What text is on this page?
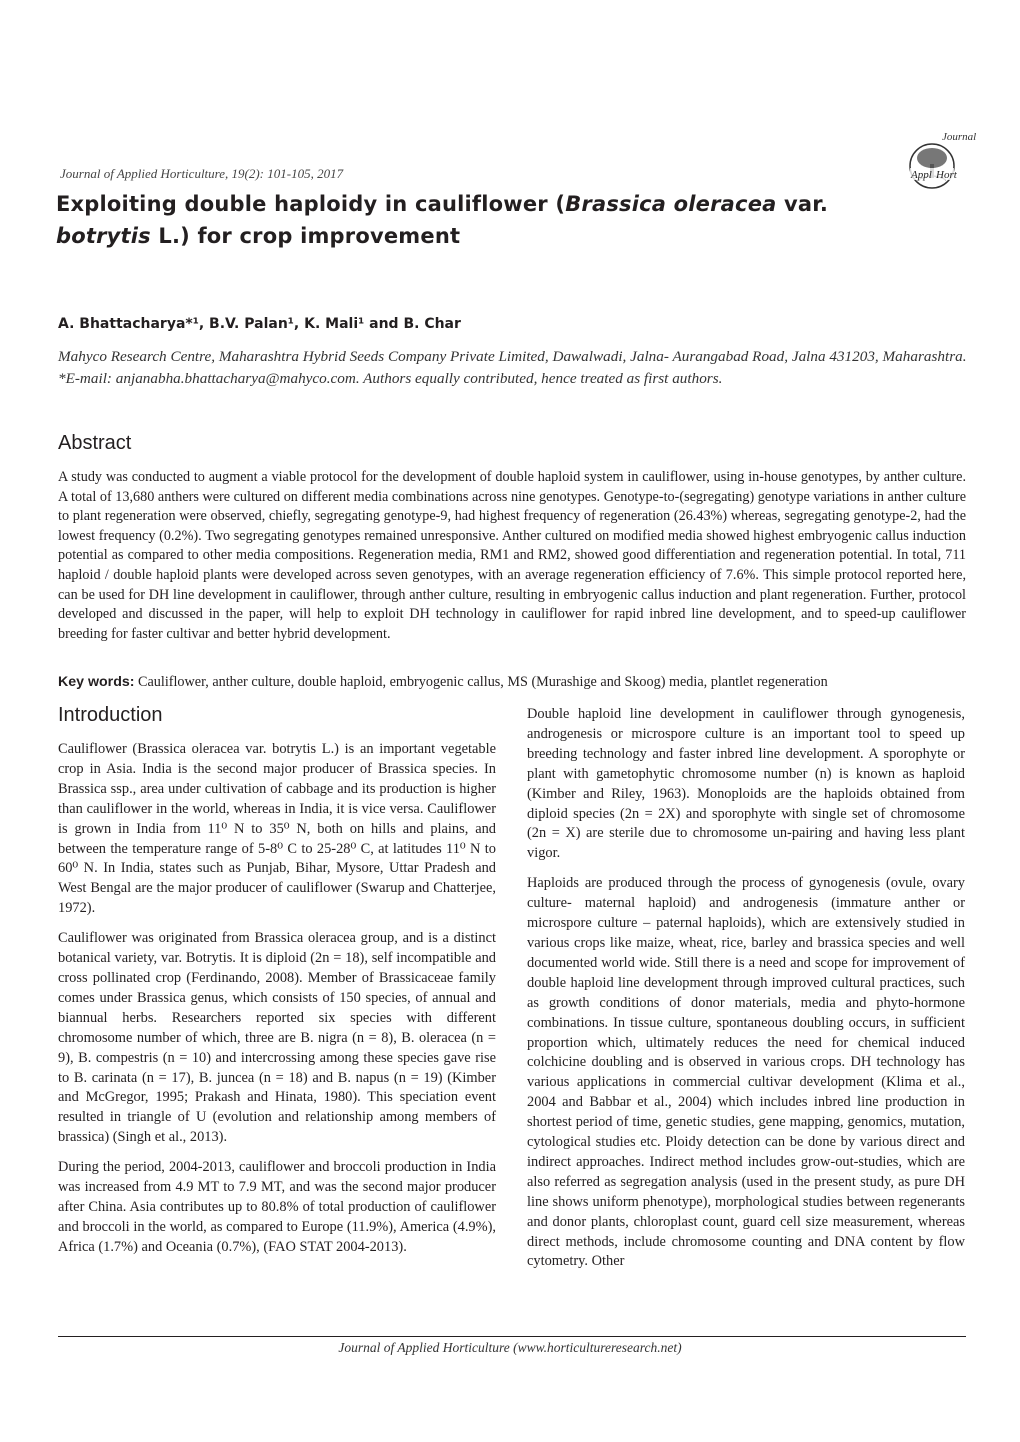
Journal of Applied Horticulture, 19(2): 101-105, 2017
Journal
Appl Hort
Exploiting double haploidy in cauliflower (Brassica oleracea var.
botrytis L.) for crop improvement
A. Bhattacharya*¹, B.V. Palan¹, K. Mali¹ and B. Char
Mahyco Research Centre, Maharashtra Hybrid Seeds Company Private Limited, Dawalwadi, Jalna- Aurangabad Road, Jalna 431203, Maharashtra. *E-mail: anjanabha.bhattacharya@mahyco.com. Authors equally contributed, hence treated as first authors.
Abstract
A study was conducted to augment a viable protocol for the development of double haploid system in cauliflower, using in-house genotypes, by anther culture. A total of 13,680 anthers were cultured on different media combinations across nine genotypes. Genotype-to-(segregating) genotype variations in anther culture to plant regeneration were observed, chiefly, segregating genotype-9, had highest frequency of regeneration (26.43%) whereas, segregating genotype-2, had the lowest frequency (0.2%). Two segregating genotypes remained unresponsive. Anther cultured on modified media showed highest embryogenic callus induction potential as compared to other media compositions. Regeneration media, RM1 and RM2, showed good differentiation and regeneration potential. In total, 711 haploid / double haploid plants were developed across seven genotypes, with an average regeneration efficiency of 7.6%. This simple protocol reported here, can be used for DH line development in cauliflower, through anther culture, resulting in embryogenic callus induction and plant regeneration. Further, protocol developed and discussed in the paper, will help to exploit DH technology in cauliflower for rapid inbred line development, and to speed-up cauliflower breeding for faster cultivar and better hybrid development.
Key words: Cauliflower, anther culture, double haploid, embryogenic callus, MS (Murashige and Skoog) media, plantlet regeneration
Introduction

Cauliflower (Brassica oleracea var. botrytis L.) is an important vegetable crop in Asia. India is the second major producer of Brassica species. In Brassica ssp., area under cultivation of cabbage and its production is higher than cauliflower in the world, whereas in India, it is vice versa. Cauliflower is grown in India from 11⁰ N to 35⁰ N, both on hills and plains, and between the temperature range of 5-8⁰ C to 25-28⁰ C, at latitudes 11⁰ N to 60⁰ N. In India, states such as Punjab, Bihar, Mysore, Uttar Pradesh and West Bengal are the major producer of cauliflower (Swarup and Chatterjee, 1972).

Cauliflower was originated from Brassica oleracea group, and is a distinct botanical variety, var. Botrytis. It is diploid (2n = 18), self incompatible and cross pollinated crop (Ferdinando, 2008). Member of Brassicaceae family comes under Brassica genus, which consists of 150 species, of annual and biannual herbs. Researchers reported six species with different chromosome number of which, three are B. nigra (n = 8), B. oleracea (n = 9), B. compestris (n = 10) and intercrossing among these species gave rise to B. carinata (n = 17), B. juncea (n = 18) and B. napus (n = 19) (Kimber and McGregor, 1995; Prakash and Hinata, 1980). This speciation event resulted in triangle of U (evolution and relationship among members of brassica) (Singh et al., 2013).

During the period, 2004-2013, cauliflower and broccoli production in India was increased from 4.9 MT to 7.9 MT, and was the second major producer after China. Asia contributes up to 80.8% of total production of cauliflower and broccoli in the world, as compared to Europe (11.9%), America (4.9%), Africa (1.7%) and Oceania (0.7%), (FAO STAT 2004-2013).

Double haploid line development in cauliflower through gynogenesis, androgenesis or microspore culture is an important tool to speed up breeding technology and faster inbred line development. A sporophyte or plant with gametophytic chromosome number (n) is known as haploid (Kimber and Riley, 1963). Monoploids are the haploids obtained from diploid species (2n = 2X) and sporophyte with single set of chromosome (2n = X) are sterile due to chromosome un-pairing and having less plant vigor.

Haploids are produced through the process of gynogenesis (ovule, ovary culture- maternal haploid) and androgenesis (immature anther or microspore culture – paternal haploids), which are extensively studied in various crops like maize, wheat, rice, barley and brassica species and well documented world wide. Still there is a need and scope for improvement of double haploid line development through improved cultural practices, such as growth conditions of donor materials, media and phyto-hormone combinations. In tissue culture, spontaneous doubling occurs, in sufficient proportion which, ultimately reduces the need for chemical induced colchicine doubling and is observed in various crops. DH technology has various applications in commercial cultivar development (Klima et al., 2004 and Babbar et al., 2004) which includes inbred line production in shortest period of time, genetic studies, gene mapping, genomics, mutation, cytological studies etc. Ploidy detection can be done by various direct and indirect approaches. Indirect method includes grow-out-studies, which are also referred as segregation analysis (used in the present study, as pure DH line shows uniform phenotype), morphological studies between regenerants and donor plants, chloroplast count, guard cell size measurement, whereas direct methods, include chromosome counting and DNA content by flow cytometry. Other

Journal of Applied Horticulture (www.horticultureresearch.net)
